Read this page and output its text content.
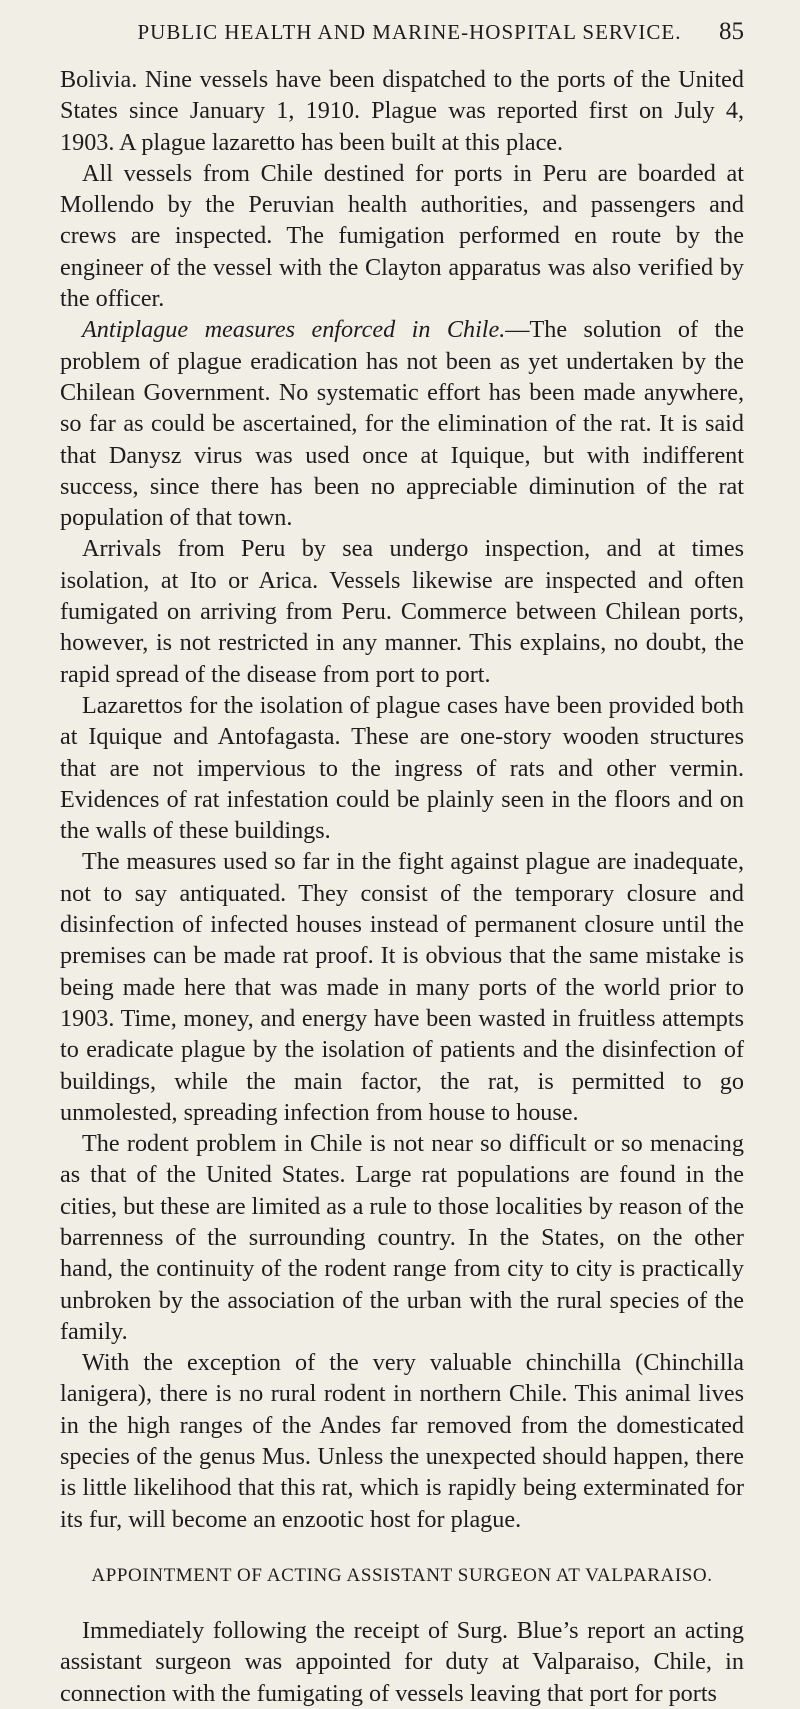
PUBLIC HEALTH AND MARINE-HOSPITAL SERVICE.	85

Bolivia. Nine vessels have been dispatched to the ports of the United States since January 1, 1910. Plague was reported first on July 4, 1903. A plague lazaretto has been built at this place.

All vessels from Chile destined for ports in Peru are boarded at Mollendo by the Peruvian health authorities, and passengers and crews are inspected. The fumigation performed en route by the engineer of the vessel with the Clayton apparatus was also verified by the officer.

Antiplague measures enforced in Chile.—The solution of the problem of plague eradication has not been as yet undertaken by the Chilean Government. No systematic effort has been made anywhere, so far as could be ascertained, for the elimination of the rat. It is said that Danysz virus was used once at Iquique, but with indifferent success, since there has been no appreciable diminution of the rat population of that town.

Arrivals from Peru by sea undergo inspection, and at times isolation, at Ito or Arica. Vessels likewise are inspected and often fumigated on arriving from Peru. Commerce between Chilean ports, however, is not restricted in any manner. This explains, no doubt, the rapid spread of the disease from port to port.

Lazarettos for the isolation of plague cases have been provided both at Iquique and Antofagasta. These are one-story wooden structures that are not impervious to the ingress of rats and other vermin. Evidences of rat infestation could be plainly seen in the floors and on the walls of these buildings.

The measures used so far in the fight against plague are inadequate, not to say antiquated. They consist of the temporary closure and disinfection of infected houses instead of permanent closure until the premises can be made rat proof. It is obvious that the same mistake is being made here that was made in many ports of the world prior to 1903. Time, money, and energy have been wasted in fruitless attempts to eradicate plague by the isolation of patients and the disinfection of buildings, while the main factor, the rat, is permitted to go unmolested, spreading infection from house to house.

The rodent problem in Chile is not near so difficult or so menacing as that of the United States. Large rat populations are found in the cities, but these are limited as a rule to those localities by reason of the barrenness of the surrounding country. In the States, on the other hand, the continuity of the rodent range from city to city is practically unbroken by the association of the urban with the rural species of the family.

With the exception of the very valuable chinchilla (Chinchilla lanigera), there is no rural rodent in northern Chile. This animal lives in the high ranges of the Andes far removed from the domesticated species of the genus Mus. Unless the unexpected should happen, there is little likelihood that this rat, which is rapidly being exterminated for its fur, will become an enzootic host for plague.

APPOINTMENT OF ACTING ASSISTANT SURGEON AT VALPARAISO.

Immediately following the receipt of Surg. Blue’s report an acting assistant surgeon was appointed for duty at Valparaiso, Chile, in connection with the fumigating of vessels leaving that port for ports
